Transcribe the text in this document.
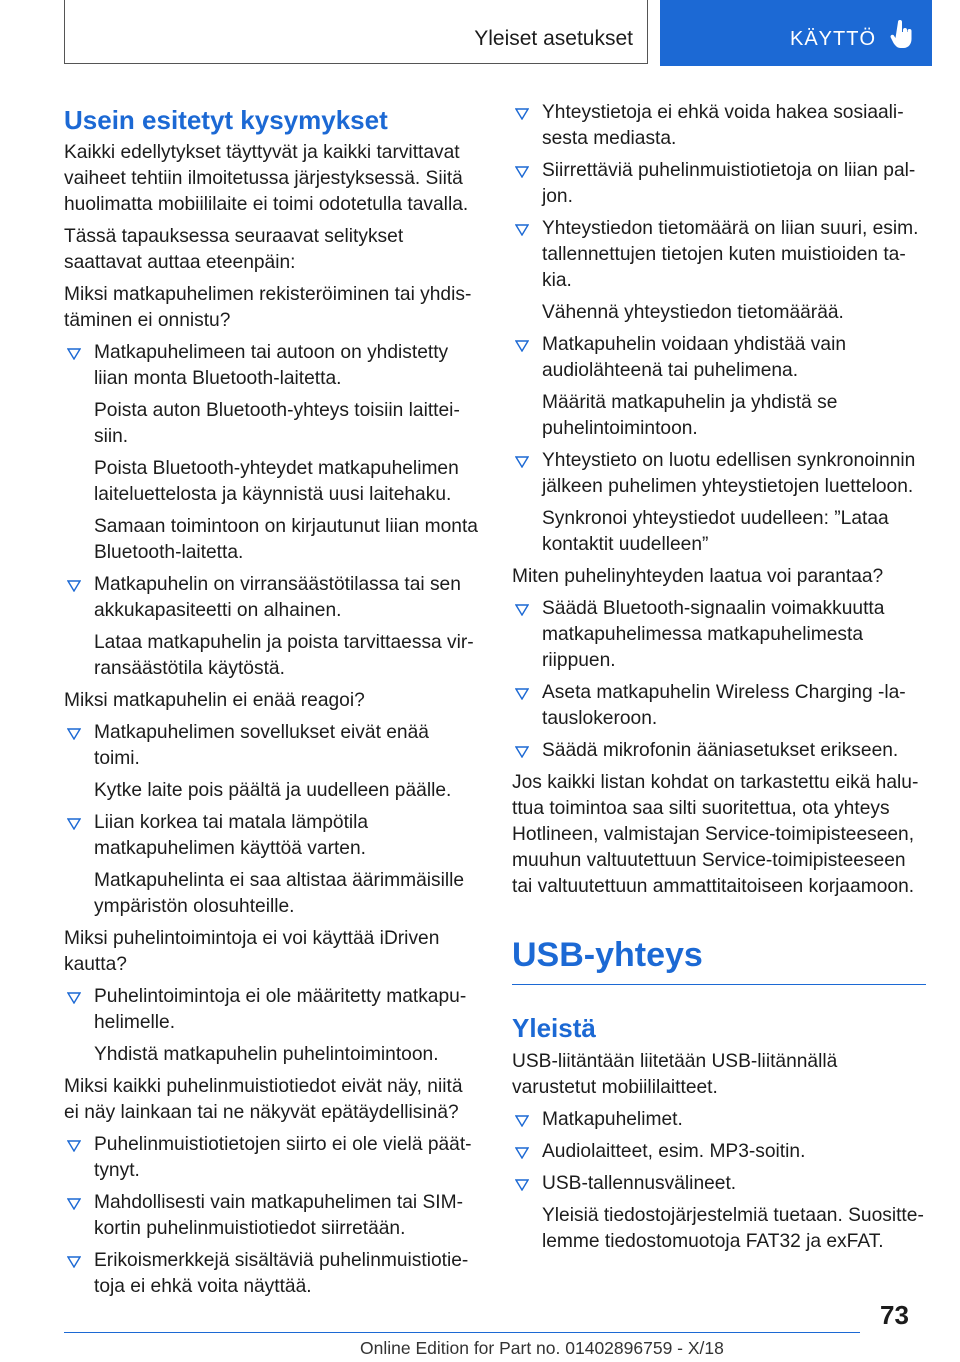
Yleiset asetukset	KÄYTTÖ
Usein esitetyt kysymykset

Kaikki edellytykset täyttyvät ja kaikki tarvittavat vaiheet tehtiin ilmoitetussa järjestyksessä. Siitä huolimatta mobiililaite ei toimi odotetulla tavalla.

Tässä tapauksessa seuraavat selitykset saattavat auttaa eteenpäin:

Miksi matkapuhelimen rekisteröiminen tai yhdistäminen ei onnistu?

Matkapuhelimeen tai autoon on yhdistetty liian monta Bluetooth-laitetta.
Poista auton Bluetooth-yhteys toisiin laitteisiin.
Poista Bluetooth-yhteydet matkapuhelimen laiteluettelosta ja käynnistä uusi laitehaku.
Samaan toimintoon on kirjautunut liian monta Bluetooth-laitetta.
Matkapuhelin on virransäästötilassa tai sen akkukapasiteetti on alhainen.
Lataa matkapuhelin ja poista tarvittaessa virransäästötila käytöstä.

Miksi matkapuhelin ei enää reagoi?

Matkapuhelimen sovellukset eivät enää toimi.
Kytke laite pois päältä ja uudelleen päälle.
Liian korkea tai matala lämpötila matkapuhelimen käyttöä varten.
Matkapuhelinta ei saa altistaa äärimmäisille ympäristön olosuhteille.

Miksi puhelintoimintoja ei voi käyttää iDriven kautta?

Puhelintoimintoja ei ole määritetty matkapuhelimelle.
Yhdistä matkapuhelin puhelintoimintoon.

Miksi kaikki puhelinmuistiotiedot eivät näy, niitä ei näy lainkaan tai ne näkyvät epätäydellisinä?

Puhelinmuistiotietojen siirto ei ole vielä päättynyt.
Mahdollisesti vain matkapuhelimen tai SIM-kortin puhelinmuistiotiedot siirretään.
Erikoismerkkejä sisältäviä puhelinmuistiotietoja ei ehkä voita näyttää.
Yhteystietoja ei ehkä voida hakea sosiaalisesta mediasta.
Siirrettäviä puhelinmuistiotietoja on liian paljon.
Yhteystiedon tietomäärä on liian suuri, esim. tallennettujen tietojen kuten muistioiden takia.
Vähennä yhteystiedon tietomäärää.
Matkapuhelin voidaan yhdistää vain audiolähteenä tai puhelimena.
Määritä matkapuhelin ja yhdistä se puhelintoimintoon.
Yhteystieto on luotu edellisen synkronoinnin jälkeen puhelimen yhteystietojen luetteloon.
Synkronoi yhteystiedot uudelleen: ”Lataa kontaktit uudelleen”

Miten puhelinyhteyden laatua voi parantaa?

Säädä Bluetooth-signaalin voimakkuutta matkapuhelimessa matkapuhelimesta riippuen.
Aseta matkapuhelin Wireless Charging -latauslokeroon.
Säädä mikrofonin ääniasetukset erikseen.

Jos kaikki listan kohdat on tarkastettu eikä haluttua toimintoa saa silti suoritettua, ota yhteys Hotlineen, valmistajan Service-toimipisteeseen, muuhun valtuutettuun Service-toimipisteeseen tai valtuutettuun ammattitaitoiseen korjaamoon.

USB-yhteys
Yleistä

USB-liitäntään liitetään USB-liitännällä varustetut mobiililaitteet.

Matkapuhelimet.
Audiolaitteet, esim. MP3-soitin.
USB-tallennusvälineet.
Yleisiä tiedostojärjestelmiä tuetaan. Suosittelemme tiedostomuotoja FAT32 ja exFAT.
73
Online Edition for Part no. 01402896759 - X/18
